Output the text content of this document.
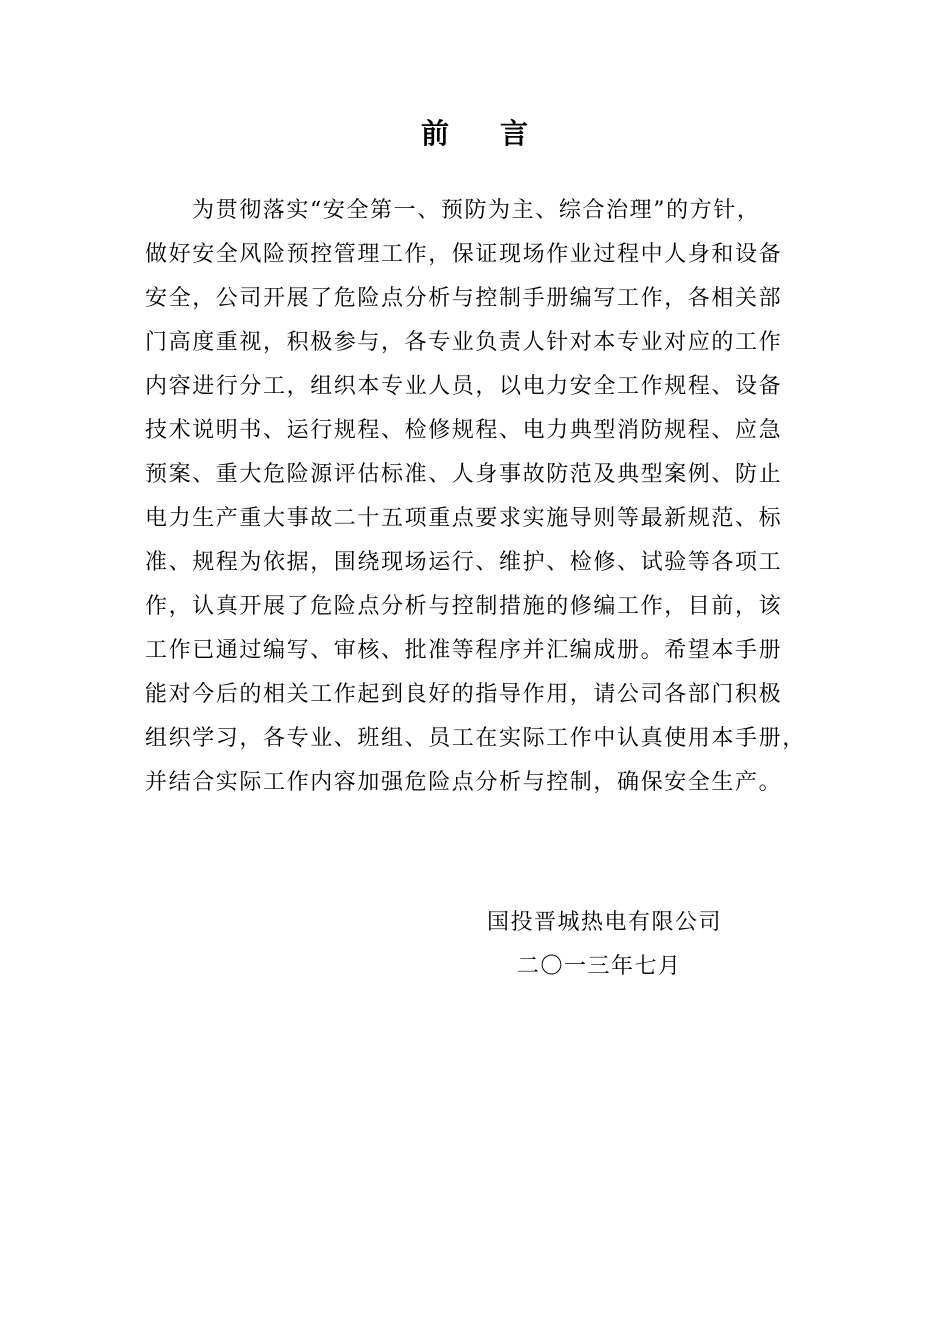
前 言
为贯彻落实“安全第一、预防为主、综合治理”的方针，
做好安全风险预控管理工作，保证现场作业过程中人身和设备
安全，公司开展了危险点分析与控制手册编写工作，各相关部
门高度重视，积极参与，各专业负责人针对本专业对应的工作
内容进行分工，组织本专业人员，以电力安全工作规程、设备
技术说明书、运行规程、检修规程、电力典型消防规程、应急
预案、重大危险源评估标准、人身事故防范及典型案例、防止
电力生产重大事故二十五项重点要求实施导则等最新规范、标
准、规程为依据，围绕现场运行、维护、检修、试验等各项工
作，认真开展了危险点分析与控制措施的修编工作，目前，该
工作已通过编写、审核、批准等程序并汇编成册。希望本手册
能对今后的相关工作起到良好的指导作用，请公司各部门积极
组织学习，各专业、班组、员工在实际工作中认真使用本手册，
并结合实际工作内容加强危险点分析与控制，确保安全生产。
国投晋城热电有限公司
二〇一三年七月
